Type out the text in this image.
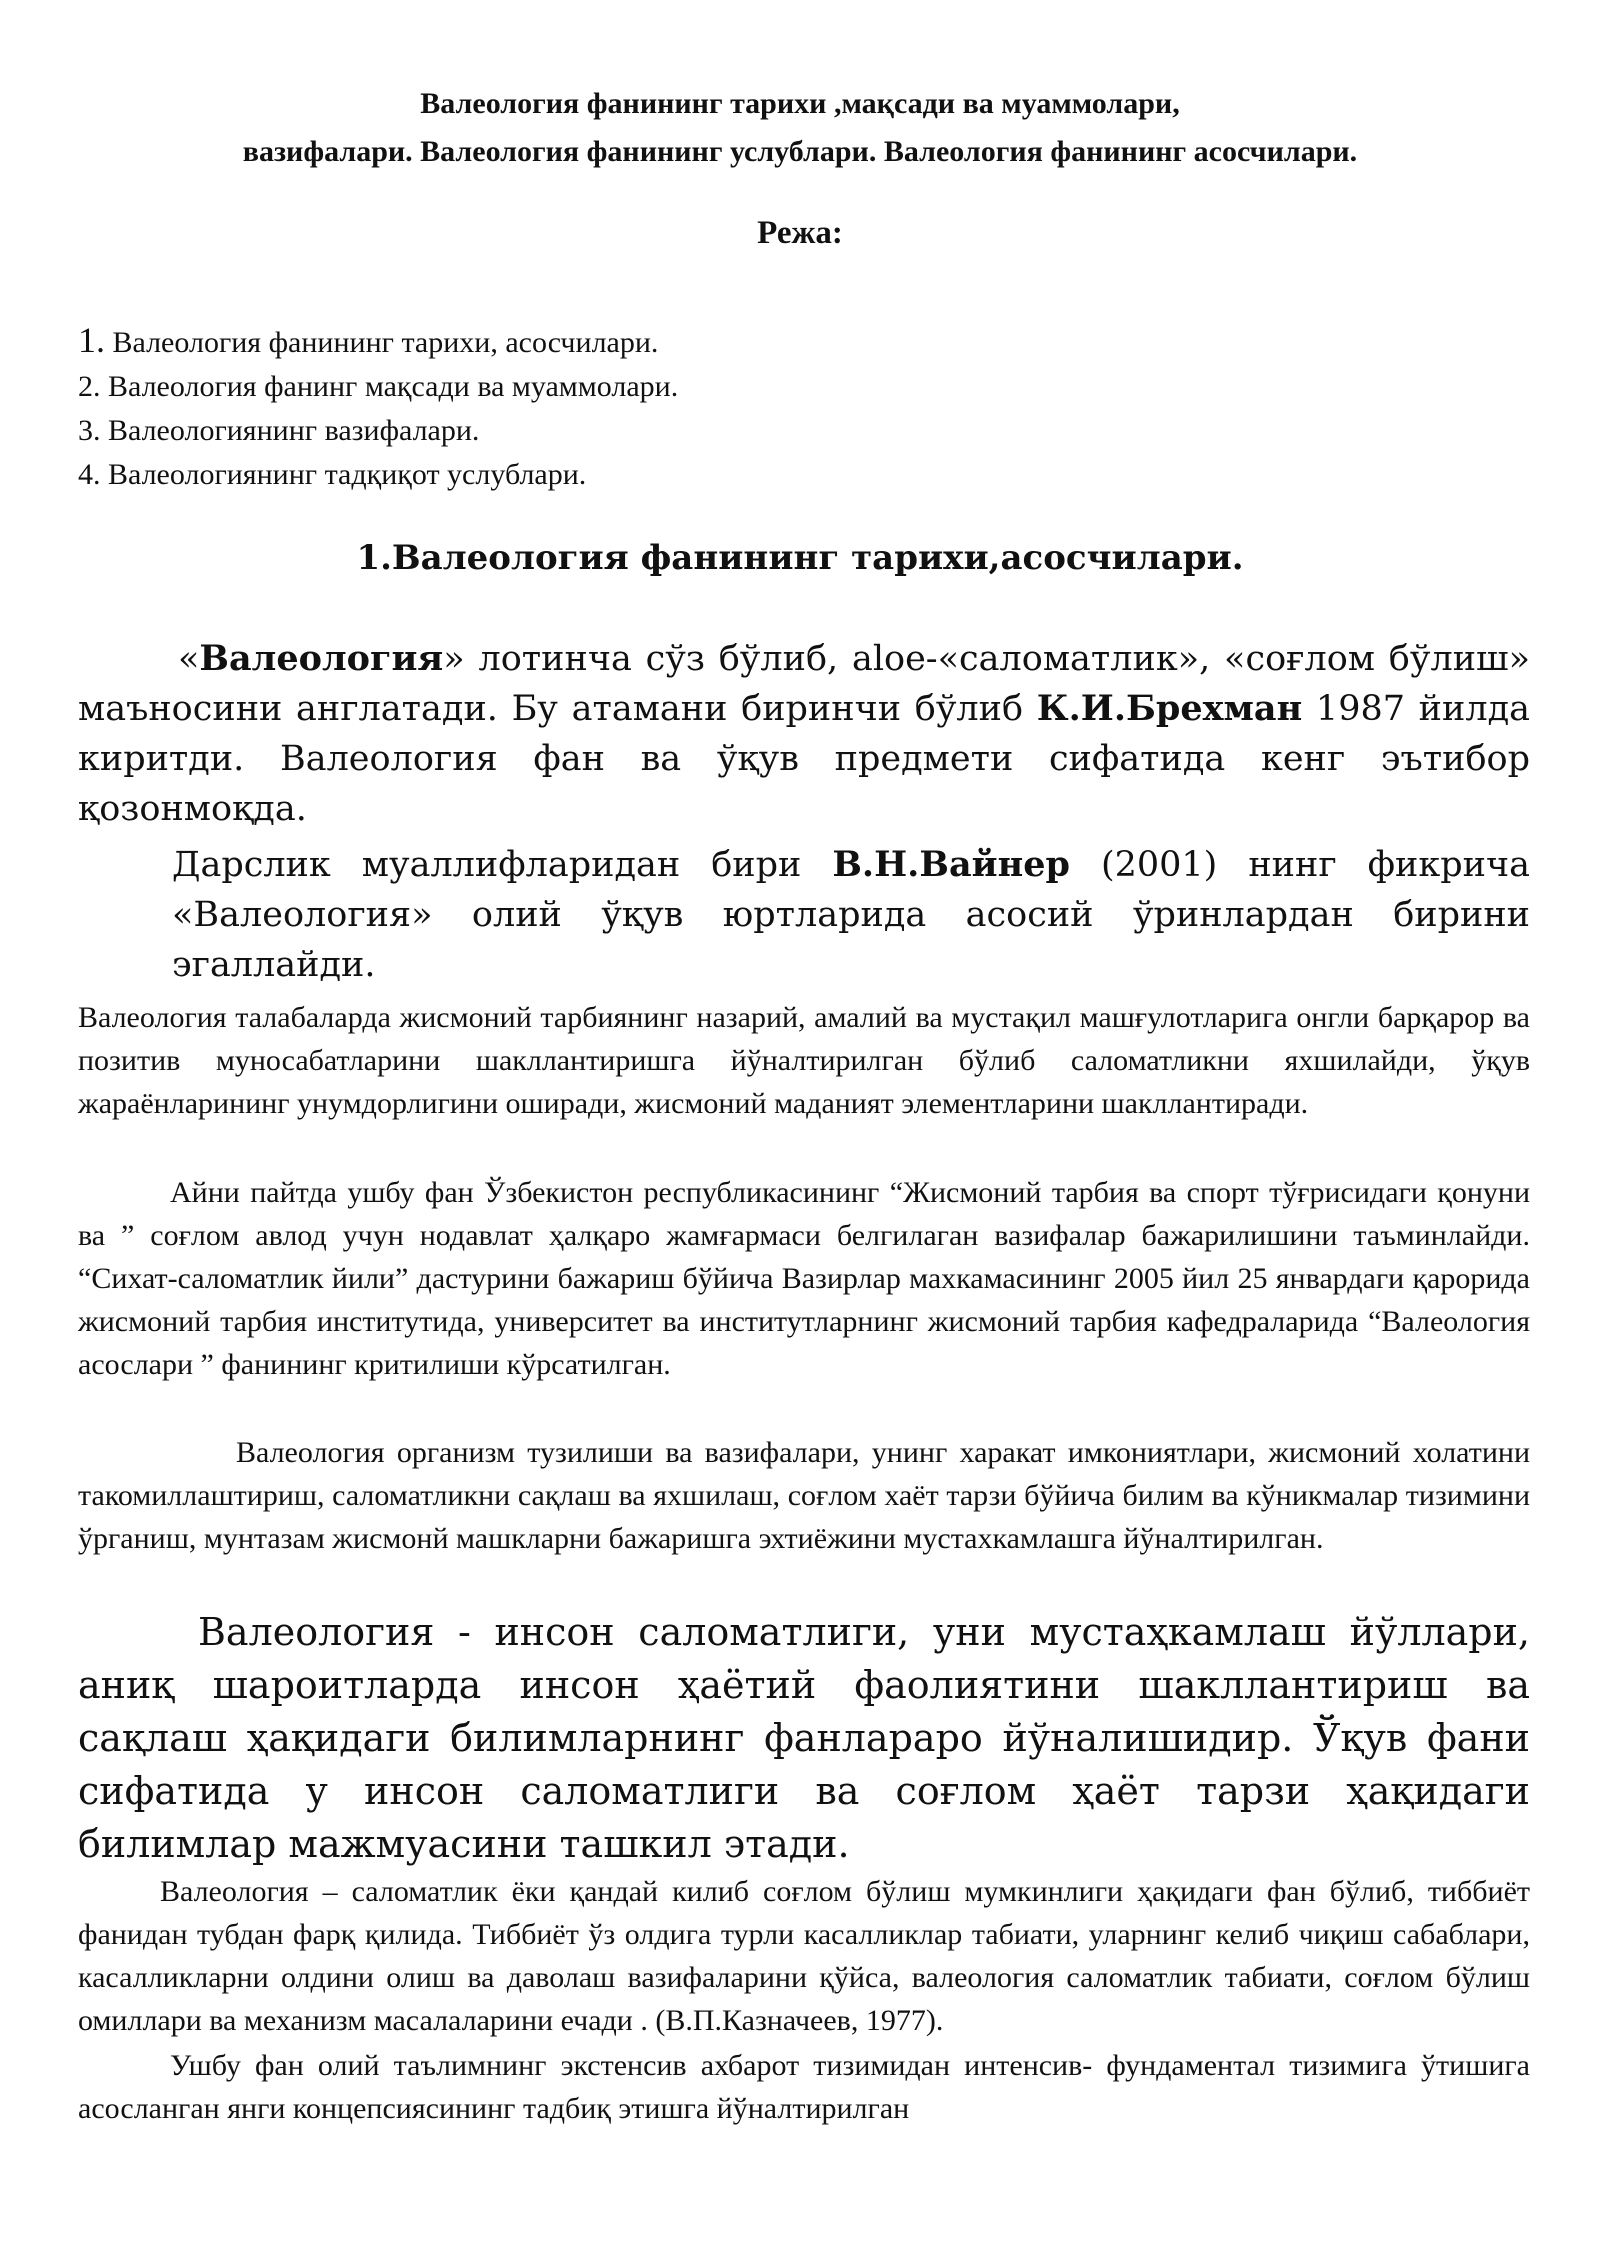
Валеология фанининг тарихи ,мақсади ва муаммолари,
вазифалари. Валеология фанининг услублари. Валеология фанининг асосчилари.
Режа:
1. Валеология фанининг тарихи, асосчилари.
2. Валеология фанинг мақсади ва муаммолари.
3. Валеологиянинг вазифалари.
4. Валеологиянинг тадқиқот услублари.
1.Валеология фанининг тарихи,асосчилари.

«Валеология» лотинча сўз бўлиб, aloe-«саломатлик», «соғлом бўлиш» маъносини англатади. Бу атамани биринчи бўлиб К.И.Брехман 1987 йилда киритди. Валеология фан ва ўқув предмети сифатида кенг эътибор қозонмоқда.

Дарслик муаллифларидан бири В.Н.Вайнер (2001) нинг фикрича «Валеология» олий ўқув юртларида асосий ўринлардан бирини эгаллайди.

Валеология талабаларда жисмоний тарбиянинг назарий, амалий ва мустақил машғулотларига онгли барқарор ва позитив муносабатларини шакллантиришга йўналтирилган бўлиб саломатликни яхшилайди, ўқув жараёнларининг унумдорлигини оширади, жисмоний маданият элементларини шакллантиради.

Айни пайтда ушбу фан Ўзбекистон республикасининг “Жисмоний тарбия ва спорт тўғрисидаги қонуни ва ” соғлом авлод учун нодавлат ҳалқаро жамғармаси белгилаган вазифалар бажарилишини таъминлайди. “Сихат-саломатлик йили” дастурини бажариш бўйича Вазирлар махкамасининг 2005 йил 25 январдаги қарорида жисмоний тарбия институтида, университет ва институтларнинг жисмоний тарбия кафедраларида “Валеология асослари ” фанининг критилиши кўрсатилган.

Валеология организм тузилиши ва вазифалари, унинг харакат имкониятлари, жисмоний холатини такомиллаштириш, саломатликни сақлаш ва яхшилаш, соғлом хаёт тарзи бўйича билим ва кўникмалар тизимини ўрганиш, мунтазам жисмонй машкларни бажаришга эхтиёжини мустахкамлашга йўналтирилган.

Валеология - инсон саломатлиги, уни мустаҳкамлаш йўллари, аниқ шароитларда инсон ҳаётий фаолиятини шакллантириш ва сақлаш ҳақидаги билимларнинг фанлараро йўналишидир. Ўқув фани сифатида у инсон саломатлиги ва соғлом ҳаёт тарзи ҳақидаги билимлар мажмуасини ташкил этади.

Валеология – саломатлик ёки қандай килиб соғлом бўлиш мумкинлиги ҳақидаги фан бўлиб, тиббиёт фанидан тубдан фарқ қилида. Тиббиёт ўз олдига турли касалликлар табиати, уларнинг келиб чиқиш сабаблари, касалликларни олдини олиш ва даволаш вазифаларини қўйса, валеология саломатлик табиати, соғлом бўлиш омиллари ва механизм масалаларини ечади . (В.П.Казначеев, 1977).

Ушбу фан олий таълимнинг экстенсив ахбарот тизимидан интенсив- фундаментал тизимига ўтишига асосланган янги концепсиясининг тадбиқ этишга йўналтирилган
